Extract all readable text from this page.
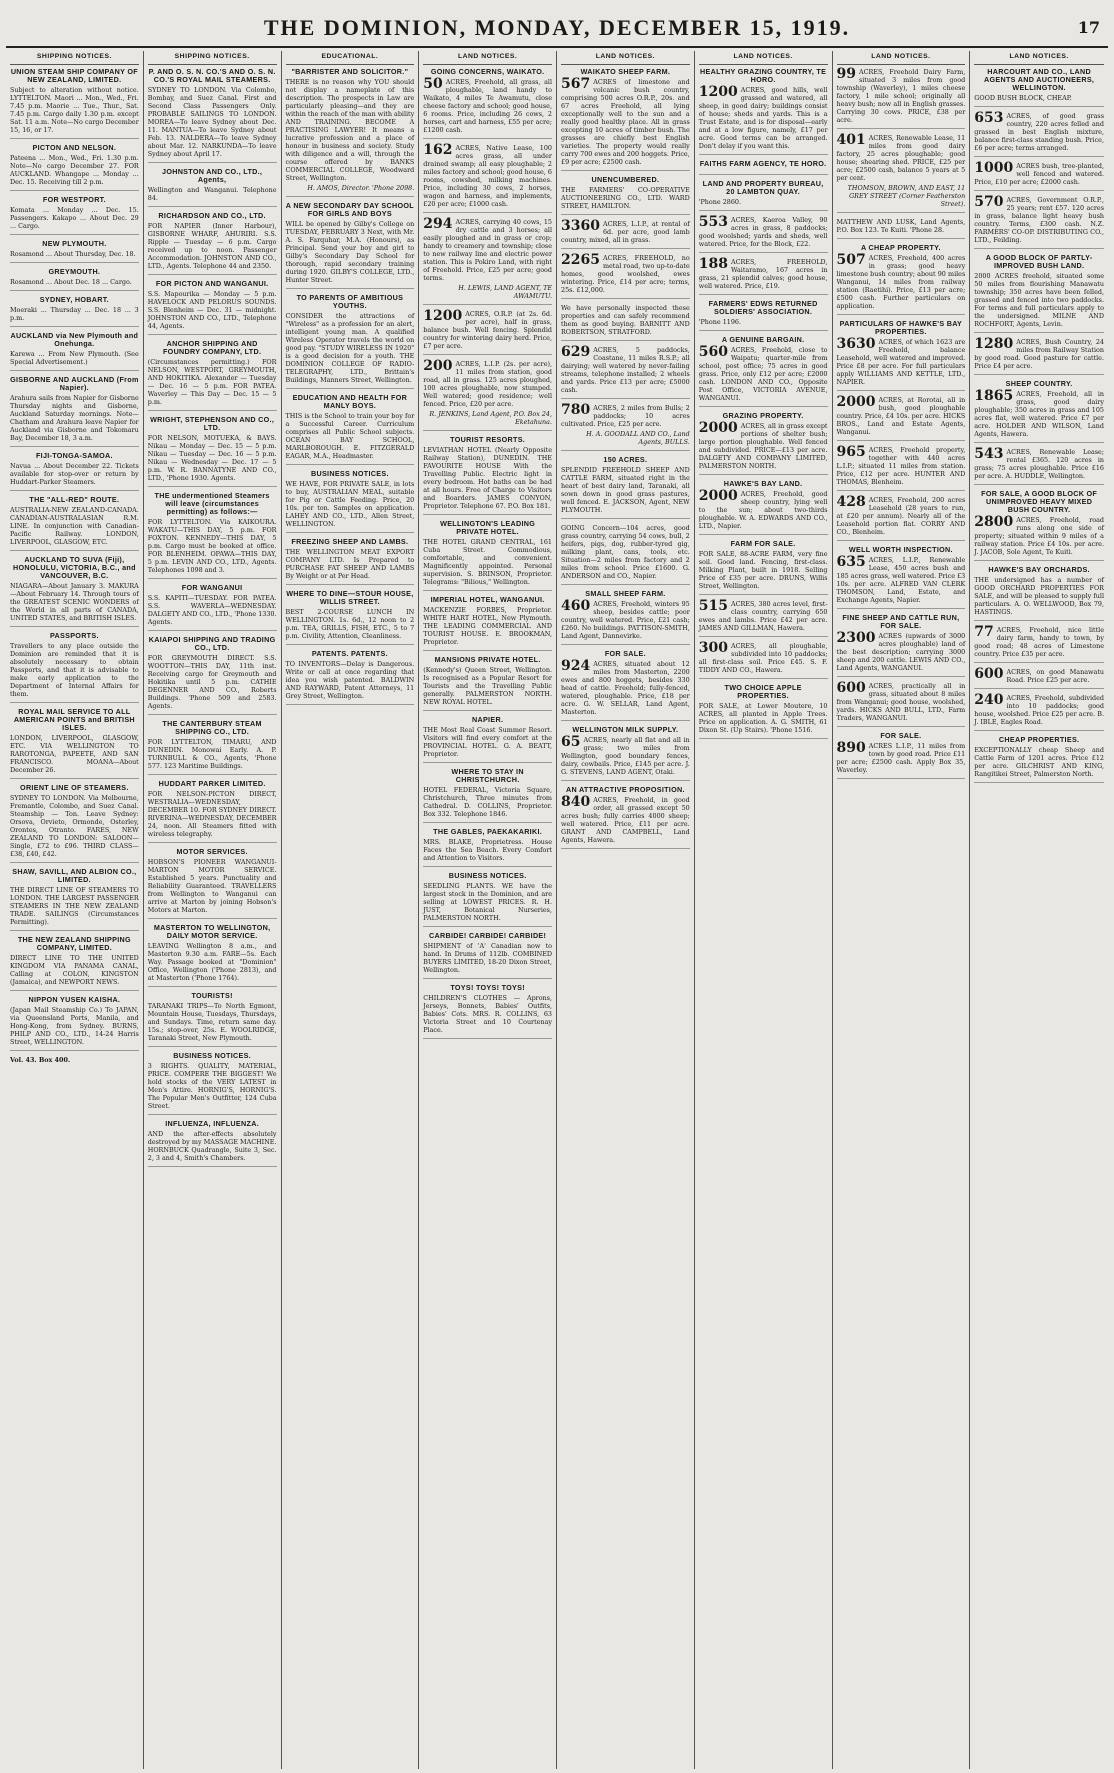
THE DOMINION, MONDAY, DECEMBER 15, 1919.	17
SHIPPING NOTICES.
UNION STEAM SHIP COMPANY OF NEW ZEALAND, LIMITED.

Subject to alteration without notice. LYTTELTON. Maori ... Mon., Wed., Fri. 7.45 p.m. Maorie ... Tue., Thur., Sat. 7.45 p.m. Cargo daily 1.30 p.m. except Sat. 11 a.m. Note—No cargo December 15, 16, or 17.

PICTON AND NELSON.

Pateena ... Mon., Wed., Fri. 1.30 p.m. Note—No cargo December 27. FOR AUCKLAND. Whangape ... Monday ... Dec. 15. Receiving till 2 p.m.

FOR WESTPORT.

Komata ... Monday ... Dec. 15. Passengers. Kakapo ... About Dec. 29 ... Cargo.

NEW PLYMOUTH.

Rosamond ... About Thursday, Dec. 18.

GREYMOUTH.

Rosamond ... About Dec. 18 ... Cargo.

SYDNEY, HOBART.

Moeraki ... Thursday ... Dec. 18 ... 3 p.m.

AUCKLAND via New Plymouth and Onehunga.

Karewa ... From New Plymouth. (See Special Advertisement.)

GISBORNE AND AUCKLAND (From Napier).

Arahura sails from Napier for Gisborne Thursday nights and Gisborne, Auckland Saturday mornings. Note—Chatham and Arahura leave Napier for Auckland via Gisborne and Tokomaru Bay, December 18, 3 a.m.

FIJI-TONGA-SAMOA.

Navua ... About December 22. Tickets available for stop-over or return by Huddart-Parker Steamers.

THE "ALL-RED" ROUTE.

AUSTRALIA-NEW ZEALAND-CANADA. CANADIAN-AUSTRALASIAN R.M. LINE. In conjunction with Canadian-Pacific Railway. LONDON, LIVERPOOL, GLASGOW, ETC.

AUCKLAND TO SUVA (Fiji), HONOLULU, VICTORIA, B.C., and VANCOUVER, B.C.

NIAGARA—About January 3. MAKURA—About February 14. Through tours of the GREATEST SCENIC WONDERS of the World in all parts of CANADA, UNITED STATES, and BRITISH ISLES.

PASSPORTS.

Travellers to any place outside the Dominion are reminded that it is absolutely necessary to obtain Passports, and that it is advisable to make early application to the Department of Internal Affairs for them.

ROYAL MAIL SERVICE TO ALL AMERICAN POINTS and BRITISH ISLES.

LONDON, LIVERPOOL, GLASGOW, ETC. VIA WELLINGTON TO RAROTONGA, PAPEETE, AND SAN FRANCISCO. MOANA—About December 26.

ORIENT LINE OF STEAMERS.

SYDNEY TO LONDON. Via Melbourne, Fremantle, Colombo, and Suez Canal. Steamship — Ton. Leave Sydney: Orsova, Orvieto, Ormonde, Osterley, Orontes, Otranto. FARES, NEW ZEALAND TO LONDON: SALOON—Single, £72 to £96. THIRD CLASS—£38, £40, £42.

SHAW, SAVILL, AND ALBION CO., LIMITED.

THE DIRECT LINE OF STEAMERS TO LONDON. THE LARGEST PASSENGER STEAMERS IN THE NEW ZEALAND TRADE. SAILINGS (Circumstances Permitting).

THE NEW ZEALAND SHIPPING COMPANY, LIMITED.

DIRECT LINE TO THE UNITED KINGDOM VIA PANAMA CANAL, Calling at COLON, KINGSTON (Jamaica), and NEWPORT NEWS.

NIPPON YUSEN KAISHA.

(Japan Mail Steamship Co.) To JAPAN, via Queensland Ports, Manila, and Hong-Kong, from Sydney. BURNS, PHILP AND CO., LTD., 14-24 Harris Street, WELLINGTON.

Vol. 43. Box 400.
SHIPPING NOTICES.
P. AND O. S. N. CO.'S AND O. S. N. CO.'S ROYAL MAIL STEAMERS.

SYDNEY TO LONDON. Via Colombo, Bombay, and Suez Canal. First and Second Class Passengers Only. PROBABLE SAILINGS TO LONDON. MOREA—To leave Sydney about Dec. 11. MANTUA—To leave Sydney about Feb. 13. NALDERA—To leave Sydney about Mar. 12. NARKUNDA—To leave Sydney about April 17.

JOHNSTON AND CO., LTD., Agents,

Wellington and Wanganui. Telephone 84.

RICHARDSON AND CO., LTD.

FOR NAPIER (Inner Harbour), GISBORNE WHARF, AHURIRI. S.S. Ripple — Tuesday — 6 p.m. Cargo received up to noon. Passenger Accommodation. JOHNSTON AND CO., LTD., Agents. Telephone 44 and 2350.

FOR PICTON AND WANGANUI.

S.S. Mapourika — Monday — 5 p.m. HAVELOCK AND PELORUS SOUNDS. S.S. Blenheim — Dec. 31 — midnight. JOHNSTON AND CO., LTD., Telephone 44, Agents.

ANCHOR SHIPPING AND FOUNDRY COMPANY, LTD.

(Circumstances permitting.) FOR NELSON, WESTPORT, GREYMOUTH, AND HOKITIKA. Alexander — Tuesday — Dec. 16 — 5 p.m. FOR PATEA. Waverley — This Day — Dec. 15 — 5 p.m.

WRIGHT, STEPHENSON AND CO., LTD.

FOR NELSON, MOTUEKA, & BAYS. Nikau — Monday — Dec. 15 — 5 p.m. Nikau — Tuesday — Dec. 16 — 5 p.m. Nikau — Wednesday — Dec. 17 — 5 p.m. W. R. BANNATYNE AND CO., LTD., 'Phone 1930. Agents.

THE undermentioned Steamers will leave (circumstances permitting) as follows:—

FOR LYTTELTON. Via KAIKOURA. WAKATU—THIS DAY, 5 p.m. FOR FOXTON. KENNEDY—THIS DAY, 5 p.m. Cargo must be booked at office. FOR BLENHEIM. OPAWA—THIS DAY, 5 p.m. LEVIN AND CO., LTD., Agents. Telephones 1098 and 3.

FOR WANGANUI

S.S. KAPITI—TUESDAY. FOR PATEA. S.S. WAVERLA—WEDNESDAY. DALGETY AND CO., LTD., 'Phone 1330. Agents.

KAIAPOI SHIPPING AND TRADING CO., LTD.

FOR GREYMOUTH DIRECT. S.S. WOOTTON—THIS DAY, 11th inst. Receiving cargo for Greymouth and Hokitika until 5 p.m. CATHIE DEGENNER AND CO., Roberts Buildings. 'Phone 509 and 2583. Agents.

THE CANTERBURY STEAM SHIPPING CO., LTD.

FOR LYTTELTON, TIMARU, AND DUNEDIN. Monowai Early. A. P. TURNBULL & CO., Agents, 'Phone 577. 123 Maritime Buildings.

HUDDART PARKER LIMITED.

FOR NELSON-PICTON DIRECT, WESTRALIA—WEDNESDAY, DECEMBER 10. FOR SYDNEY DIRECT. RIVERINA—WEDNESDAY, DECEMBER 24, noon. All Steamers fitted with wireless telegraphy.

MOTOR SERVICES.

HOBSON'S PIONEER WANGANUI-MARTON MOTOR SERVICE. Established 5 years. Punctuality and Reliability Guaranteed. TRAVELLERS from Wellington to Wanganui can arrive at Marton by joining Hobson's Motors at Marton.

MASTERTON TO WELLINGTON, DAILY MOTOR SERVICE.

LEAVING Wellington 8 a.m., and Masterton 9.30 a.m. FARE—5s. Each Way. Passage booked at "Dominion" Office, Wellington ('Phone 2813), and at Masterton ('Phone 1764).

TOURISTS!

TARANAKI TRIPS—To North Egmont, Mountain House, Tuesdays, Thursdays, and Sundays. Time, return same day. 15s.; stop-over, 25s. E. WOOLRIDGE, Taranaki Street, New Plymouth.

BUSINESS NOTICES.

3 RIGHTS. QUALITY, MATERIAL, PRICE. COMPERE THE BIGGEST! We hold stocks of the VERY LATEST in Men's Attire. HORNIG'S, HORNIG'S. The Popular Men's Outfitter, 124 Cuba Street.

INFLUENZA, INFLUENZA.

AND the after-effects absolutely destroyed by my MASSAGE MACHINE. HORNBUCK Quadrangle, Suite 3, Sec. 2, 3 and 4, Smith's Chambers.

EDUCATIONAL.
"BARRISTER AND SOLICITOR."

THERE is no reason why YOU should not display a nameplate of this description. The prospects in Law are particularly pleasing—and they are within the reach of the man with ability AND TRAINING. BECOME A PRACTISING LAWYER! It means a lucrative profession and a place of honour in business and society. Study with diligence and a will, through the course offered by BANKS COMMERCIAL COLLEGE, Woodward Street, Wellington.

H. AMOS, Director. 'Phone 2098.
A NEW SECONDARY DAY SCHOOL FOR GIRLS AND BOYS

WILL be opened by Gilby's College on TUESDAY, FEBRUARY 3 Next, with Mr. A. S. Farquhar, M.A. (Honours), as Principal. Send your boy and girl to Gilby's Secondary Day School for thorough, rapid secondary training during 1920. GILBY'S COLLEGE, LTD., Hunter Street.

TO PARENTS OF AMBITIOUS YOUTHS.

CONSIDER the attractions of "Wireless" as a profession for an alert, intelligent young man. A qualified Wireless Operator travels the world on good pay. "STUDY WIRELESS IN 1920" is a good decision for a youth. THE DOMINION COLLEGE OF RADIO-TELEGRAPHY, LTD., Brittain's Buildings, Manners Street, Wellington.

EDUCATION AND HEALTH FOR MANLY BOYS.

THIS is the School to train your boy for a Successful Career. Curriculum comprises all Public School subjects. OCEAN BAY SCHOOL, MARLBOROUGH. E. FITZGERALD EAGAR, M.A., Headmaster.

BUSINESS NOTICES.

WE HAVE, FOR PRIVATE SALE, in lots to buy, AUSTRALIAN MEAL, suitable for Pig or Cattle Feeding. Price, 20 10s. per ton. Samples on application. LAHEY AND CO., LTD., Allen Street, WELLINGTON.

FREEZING SHEEP AND LAMBS.

THE WELLINGTON MEAT EXPORT COMPANY LTD. Is Prepared to PURCHASE FAT SHEEP AND LAMBS By Weight or at Per Head.

WHERE TO DINE—STOUR HOUSE, WILLIS STREET.

BEST 2-COURSE LUNCH IN WELLINGTON. 1s. 6d., 12 noon to 2 p.m. TEA, GRILLS, FISH, ETC., 5 to 7 p.m. Civility, Attention, Cleanliness.

PATENTS. PATENTS.

TO INVENTORS—Delay is Dangerous. Write or call at once regarding that idea you wish patented. BALDWIN AND RAYWARD, Patent Attorneys, 11 Grey Street, Wellington.

LAND NOTICES.
GOING CONCERNS, WAIKATO.

50 ACRES, Freehold, all grass, all ploughable, land handy to Waikato, 4 miles Te Awamutu, close cheese factory and school; good house, 6 rooms. Price, including 26 cows, 2 horses, cart and harness, £55 per acre; £1200 cash.

162 ACRES, Native Lease, 100 acres grass, all under drained swamp; all easy ploughable; 2 miles factory and school; good house, 6 rooms, cowshed, milking machines. Price, including 30 cows, 2 horses, wagon and harness, and implements, £20 per acre; £1000 cash.

294 ACRES, carrying 40 cows, 15 dry cattle and 3 horses; all easily ploughed and in grass or crop; handy to creamery and township; close to new railway line and electric power station. This is Pokiro Land, with right of Freehold. Price, £25 per acre; good terms.

H. LEWIS, LAND AGENT, TE AWAMUTU.

1200 ACRES, O.R.P. (at 2s. 6d. per acre), half in grass, balance bush. Well fencing. Splendid country for wintering dairy herd. Price, £7 per acre.

200 ACRES, L.I.P. (2s. per acre), 11 miles from station, good road, all in grass. 125 acres ploughed, 100 acres ploughable, now stumped. Well watered; good residence; well fenced. Price, £20 per acre.

R. JENKINS, Land Agent, P.O. Box 24, Eketahuna.
TOURIST RESORTS.

LEVIATHAN HOTEL (Nearly Opposite Railway Station), DUNEDIN. THE FAVOURITE HOUSE With the Travelling Public. Electric light in every bedroom. Hot baths can be had at all hours. Free of Charge to Visitors and Boarders. JAMES CONYON, Proprietor. Telephone 67. P.O. Box 181.

WELLINGTON'S LEADING PRIVATE HOTEL.

THE HOTEL GRAND CENTRAL, 161 Cuba Street. Commodious, comfortable, and convenient. Magnificently appointed. Personal supervision. S. BRINSON, Proprietor. Telegrams: "Bilious," Wellington.

IMPERIAL HOTEL, WANGANUI.

MACKENZIE FORBES, Proprietor. WHITE HART HOTEL, New Plymouth. THE LEADING COMMERCIAL AND TOURIST HOUSE. E. BROOKMAN, Proprietor.

MANSIONS PRIVATE HOTEL.

(Kennedy's) Queen Street, Wellington. Is recognised as a Popular Resort for Tourists and the Travelling Public generally. PALMERSTON NORTH. NEW ROYAL HOTEL.

NAPIER.

THE Most Real Coast Summer Resort. Visitors will find every comfort at the PROVINCIAL HOTEL. G. A. BEATT, Proprietor.

WHERE TO STAY IN CHRISTCHURCH.

HOTEL FEDERAL, Victoria Square, Christchurch, Three minutes from Cathedral. D. COLLINS, Proprietor. Box 332. Telephone 1846.

THE GABLES, PAEKAKARIKI.

MRS. BLAKE, Proprietress. House Faces the Sea Beach. Every Comfort and Attention to Visitors.

BUSINESS NOTICES.

SEEDLING PLANTS. WE have the largest stock in the Dominion, and are selling at LOWEST PRICES. R. H. JUST, Botanical Nurseries, PALMERSTON NORTH.

CARBIDE! CARBIDE! CARBIDE!

SHIPMENT of 'A' Canadian now to hand. In Drums of 112lb. COMBINED BUYERS LIMITED, 18-20 Dixon Street, Wellington.

TOYS! TOYS! TOYS!

CHILDREN'S CLOTHES — Aprons, Jerseys, Bonnets, Babies' Outfits, Babies' Cots. MRS. R. COLLINS, 63 Victoria Street and 10 Courtenay Place.

LAND NOTICES.
WAIKATO SHEEP FARM.

567 ACRES of limestone and volcanic bush country, comprising 500 acres O.R.P., 20s. and 67 acres Freehold, all lying exceptionally well to the sun and a really good healthy place. All in grass excepting 10 acres of timber bush. The grasses are chiefly best English varieties. The property would really carry 700 ewes and 200 hoggets. Price, £9 per acre; £2500 cash.

UNENCUMBERED.

THE FARMERS' CO-OPERATIVE AUCTIONEERING CO., LTD. WARD STREET, HAMILTON.

3360 ACRES, L.I.P., at rental of 6d. per acre, good lamb country, mixed, all in grass.

2265 ACRES, FREEHOLD, no metal road, two up-to-date homes, good woolshed, ewes wintering. Price, £14 per acre; terms, 25s. £12,000.

We have personally inspected these properties and can safely recommend them as good buying. BARNITT AND ROBERTSON, STRATFORD.

629 ACRES, 5 paddocks, Coastane, 11 miles R.S.P.; all dairying; well watered by never-failing streams, telephone installed; 2 wheels and yards. Price £13 per acre; £5000 cash.

780 ACRES, 2 miles from Bulls; 2 paddocks; 10 acres cultivated. Price, £25 per acre.

H. A. GOODALL AND CO., Land Agents, BULLS.
150 ACRES.

SPLENDID FREEHOLD SHEEP AND CATTLE FARM, situated right in the heart of best dairy land, Taranaki, all sown down in good grass pastures, well fenced. E. JACKSON, Agent, NEW PLYMOUTH.

GOING Concern—104 acres, good grass country, carrying 54 cows, bull, 2 heifers, pigs, dog, rubber-tyred gig, milking plant, cans, tools, etc. Situation—2 miles from factory and 2 miles from school. Price £1600. G. ANDERSON and CO., Napier.

SMALL SHEEP FARM.

460 ACRES, Freehold, winters 95 sheep, besides cattle; poor country, well watered. Price, £21 cash; £260. No buildings. PATTISON-SMITH, Land Agent, Dannevirke.

FOR SALE.

924 ACRES, situated about 12 miles from Masterton, 2200 ewes and 800 hoggets, besides 330 head of cattle. Freehold; fully-fenced, watered, ploughable. Price, £18 per acre. G. W. SELLAR, Land Agent, Masterton.

WELLINGTON MILK SUPPLY.

65 ACRES, nearly all flat and all in grass; two miles from Wellington, good boundary fences, dairy, cowbails. Price, £145 per acre. J. G. STEVENS, LAND AGENT, Otaki.

AN ATTRACTIVE PROPOSITION.

840 ACRES, Freehold, in good order, all grassed except 50 acres bush; fully carries 4000 sheep; well watered. Price, £11 per acre. GRANT AND CAMPBELL, Land Agents, Hawera.

LAND NOTICES.
HEALTHY GRAZING COUNTRY, TE HORO.

1200 ACRES, good hills, well grassed and watered, all sheep, in good dairy; buildings consist of house; sheds and yards. This is a Trust Estate, and is for disposal—early and at a low figure, namely, £17 per acre. Good terms can be arranged. Don't delay if you want this.

FAITHS FARM AGENCY, TE HORO.

LAND AND PROPERTY BUREAU, 20 LAMBTON QUAY.

'Phone 2860.

553 ACRES, Kaeroa Valley, 90 acres in grass, 8 paddocks; good woolshed; yards and sheds, well watered. Price, for the Block, £22.

188 ACRES, FREEHOLD, Waitaramo, 167 acres in grass, 21 splendid calves; good house, well watered. Price, £19.

FARMERS' EDWS RETURNED SOLDIERS' ASSOCIATION.

'Phone 1196.

A GENUINE BARGAIN.

560 ACRES, Freehold, close to Waipatu; quarter-mile from school, post office; 75 acres in good grass. Price, only £12 per acre; £2000 cash. LONDON AND CO., Opposite Post Office, VICTORIA AVENUE, WANGANUI.

GRAZING PROPERTY.

2000 ACRES, all in grass except portions of shelter bush; large portion ploughable. Well fenced and subdivided. PRICE—£13 per acre. DALGETY AND COMPANY LIMITED, PALMERSTON NORTH.

HAWKE'S BAY LAND.

2000 ACRES, Freehold, good sheep country, lying well to the sun; about two-thirds ploughable. W. A. EDWARDS AND CO., LTD., Napier.

FARM FOR SALE.

FOR SALE, 88-ACRE FARM, very fine soil. Good land. Fencing, first-class. Milking Plant, built in 1918. Selling Price of £35 per acre. DRUNS, Willis Street, Wellington.

515 ACRES, 380 acres level, first-class country, carrying 650 ewes and lambs. Price £42 per acre. JAMES AND GILLMAN, Hawera.

300 ACRES, all ploughable, subdivided into 10 paddocks; all first-class soil. Price £45. S. F. TIDDY AND CO., Hawera.

TWO CHOICE APPLE PROPERTIES.

FOR SALE, at Lower Moutere, 10 ACRES, all planted in Apple Trees. Price on application. A. G. SMITH, 61 Dixon St. (Up Stairs). 'Phone 1516.

LAND NOTICES.

99 ACRES, Freehold Dairy Farm, situated 3 miles from good township (Waverley), 1 miles cheese factory, 1 mile school; originally all heavy bush; now all in English grasses. Carrying 30 cows. PRICE, £38 per acre.

401 ACRES, Renewable Lease, 11 miles from good dairy factory, 25 acres ploughable; good house; shearing shed. PRICE, £25 per acre; £2500 cash, balance 5 years at 5 per cent.

THOMSON, BROWN, AND EAST, 11 GREY STREET (Corner Featherston Street).

MATTHEW AND LUSK, Land Agents, P.O. Box 123. Te Kuiti. 'Phone 28.

A CHEAP PROPERTY.

507 ACRES, Freehold, 400 acres in grass; good heavy limestone bush country; about 90 miles Wanganui, 14 miles from railway station (Raetihi). Price, £13 per acre; £500 cash. Further particulars on application.

PARTICULARS OF HAWKE'S BAY PROPERTIES.

3630 ACRES, of which 1623 are Freehold, balance Leasehold, well watered and improved. Price £8 per acre. For full particulars apply WILLIAMS AND KETTLE, LTD., NAPIER.

2000 ACRES, at Rorotai, all in bush, good ploughable country. Price, £4 10s. per acre. HICKS BROS., Land and Estate Agents, Wanganui.

965 ACRES, Freehold property, together with 440 acres L.I.P.; situated 11 miles from station. Price, £12 per acre. HUNTER AND THOMAS, Blenheim.

428 ACRES, Freehold, 200 acres Leasehold (28 years to run, at £20 per annum). Nearly all of the Leasehold portion flat. CORRY AND CO., Blenheim.

WELL WORTH INSPECTION.

635 ACRES, L.I.P., Renewable Lease, 450 acres bush and 185 acres grass, well watered. Price £3 10s. per acre. ALFRED VAN CLERK THOMSON, Land, Estate, and Exchange Agents, Napier.

FINE SHEEP AND CATTLE RUN, FOR SALE.

2300 ACRES (upwards of 3000 acres ploughable) land of the best description; carrying 3000 sheep and 200 cattle. LEWIS AND CO., Land Agents, WANGANUI.

600 ACRES, practically all in grass, situated about 8 miles from Wanganui; good house, woolshed, yards. HICKS AND BULL, LTD., Farm Traders, WANGANUI.

FOR SALE.

890 ACRES L.I.P., 11 miles from town by good road. Price £11 per acre; £2500 cash. Apply Box 35, Waverley.

LAND NOTICES.
HARCOURT AND CO., LAND AGENTS AND AUCTIONEERS, WELLINGTON.

GOOD BUSH BLOCK, CHEAP.

653 ACRES, of good grass country, 220 acres felled and grassed in best English mixture, balance first-class standing bush. Price, £6 per acre; terms arranged.

1000 ACRES bush, tree-planted, well fenced and watered. Price, £10 per acre; £2000 cash.

570 ACRES, Government O.R.P., 25 years; rent £57. 120 acres in grass, balance light heavy bush country. Terms, £300 cash. N.Z. FARMERS' CO-OP. DISTRIBUTING CO., LTD., Feilding.

A GOOD BLOCK OF PARTLY-IMPROVED BUSH LAND.

2000 ACRES freehold, situated some 50 miles from flourishing Manawatu township; 350 acres have been felled, grassed and fenced into two paddocks. For terms and full particulars apply to the undersigned. MILNE AND ROCHFORT, Agents, Levin.

1280 ACRES, Bush Country, 24 miles from Railway Station by good road. Good pasture for cattle. Price £4 per acre.

SHEEP COUNTRY.

1865 ACRES, Freehold, all in grass, good dairy ploughable; 350 acres in grass and 105 acres flat, well watered. Price £7 per acre. HOLDER AND WILSON, Land Agents, Hawera.

543 ACRES, Renewable Lease; rental £365. 120 acres in grass; 75 acres ploughable. Price £16 per acre. A. HUDDLE, Wellington.

FOR SALE, A GOOD BLOCK OF UNIMPROVED HEAVY MIXED BUSH COUNTRY.

2800 ACRES, Freehold, road runs along one side of property; situated within 9 miles of a railway station. Price £4 10s. per acre. J. JACOB, Sole Agent, Te Kuiti.

HAWKE'S BAY ORCHARDS.

THE undersigned has a number of GOOD ORCHARD PROPERTIES FOR SALE, and will be pleased to supply full particulars. A. O. WELLWOOD, Box 79, HASTINGS.

77 ACRES, Freehold, nice little dairy farm, handy to town, by good road; 48 acres of Limestone country. Price £35 per acre.

600 ACRES, on good Manawatu Road. Price £25 per acre.

240 ACRES, Freehold, subdivided into 10 paddocks; good house, woolshed. Price £25 per acre. B. J. IBLE, Eagles Road.

CHEAP PROPERTIES.

EXCEPTIONALLY cheap Sheep and Cattle Farm of 1201 acres. Price £12 per acre. GILCHRIST AND KING, Rangitikei Street, Palmerston North.
